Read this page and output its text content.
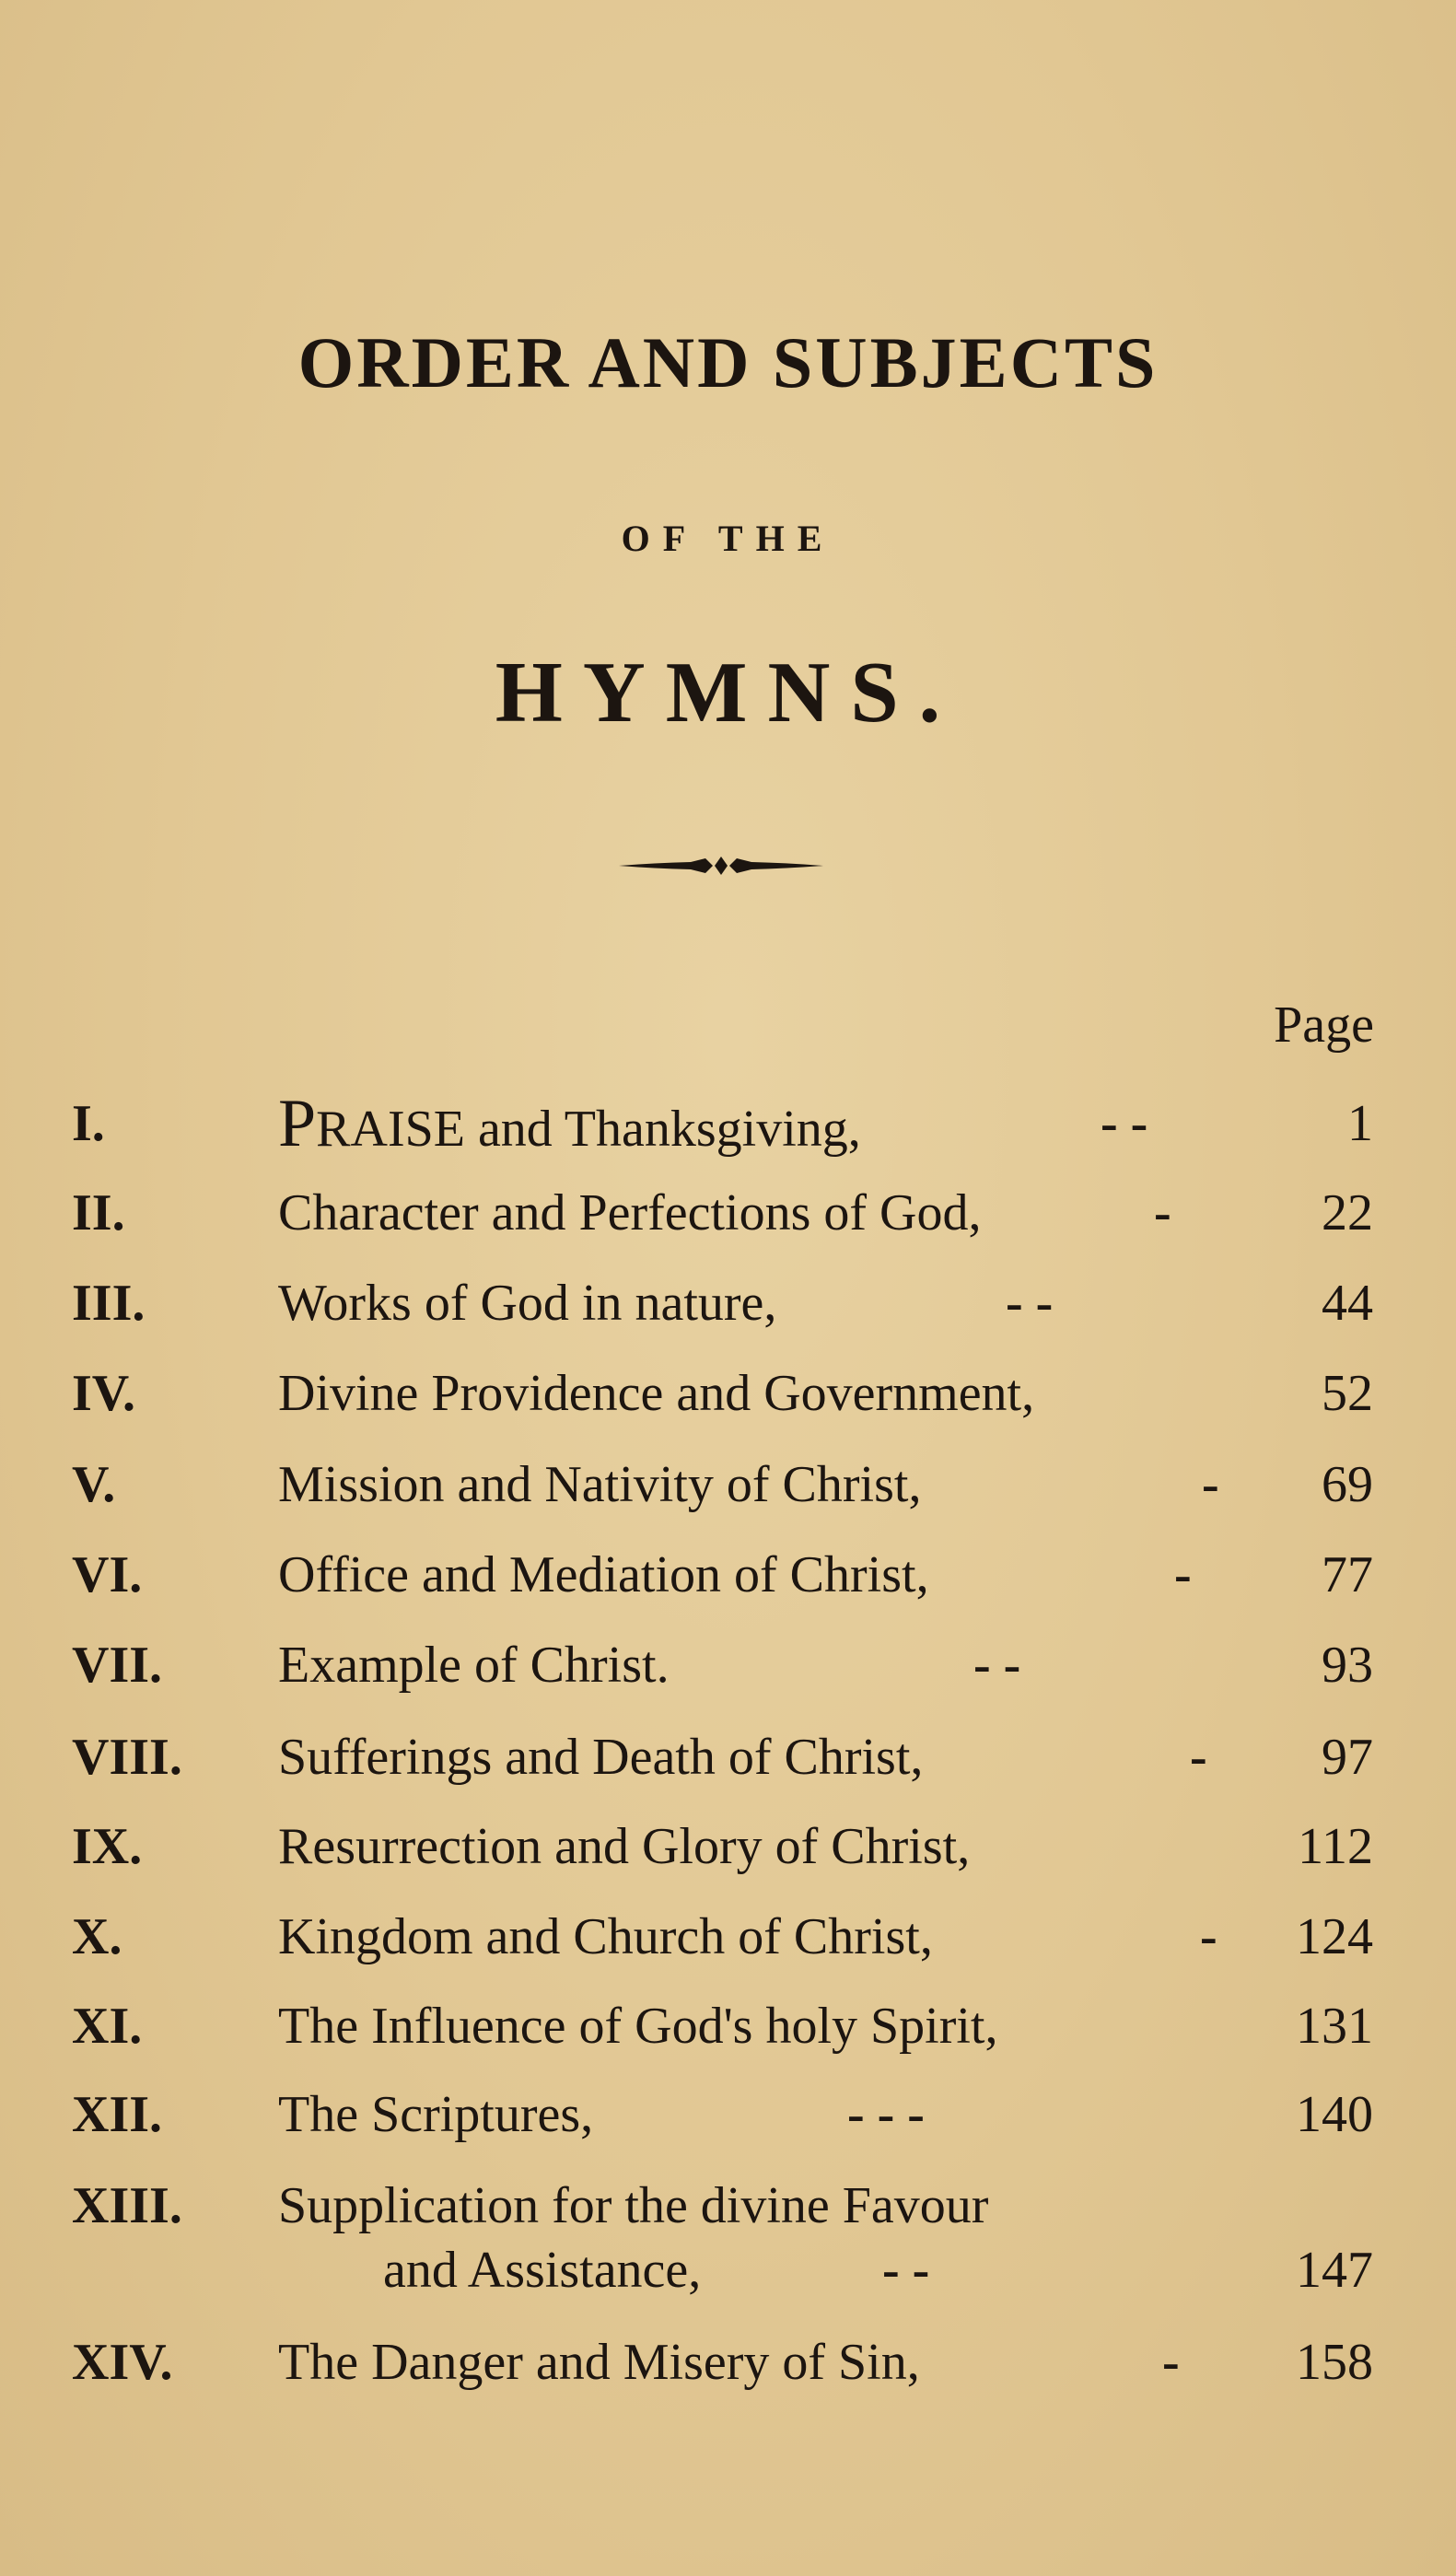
ORDER AND SUBJECTS
OF THE
HYMNS.
Page
I.	PRAISE and Thanksgiving,	- -	1
II.	Character and Perfections of God,	-	22
III.	Works of God in nature,	- -	44
IV.	Divine Providence and Government,	52
V.	Mission and Nativity of Christ,	- 69
VI.	Office and Mediation of Christ,	-	77
VII. Example of Christ.	- -	93
VIII. Sufferings and Death of Christ,	- 97
IX.	Resurrection and Glory of Christ,	112
X.	Kingdom and Church of Christ,	- 124
XI.	The Influence of God's holy Spirit,	131
XII. The Scriptures,	- - -	140
XIII. Supplication for the divine Favour
and Assistance,	- -	147
XIV. The Danger and Misery of Sin,	- 158
